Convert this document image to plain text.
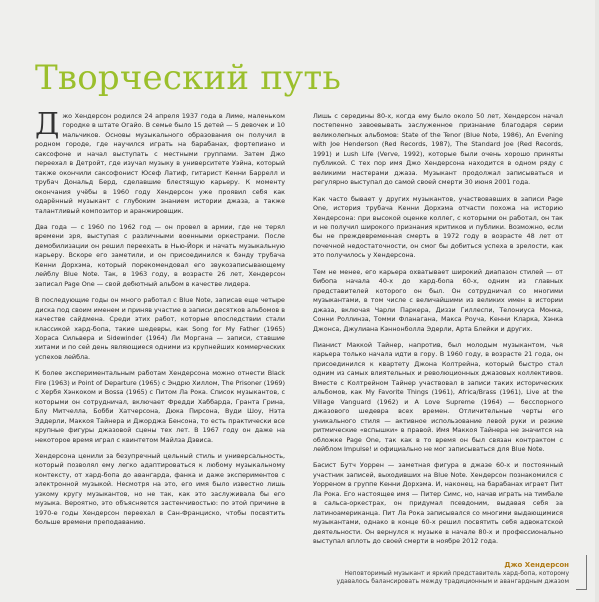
Творческий путь

Джо Хендерсон родился 24 апреля 1937 года в Лиме, маленьком городке в штате Огайо. В семье было 15 детей — 5 девочек и 10 мальчиков. Основы музыкального образования он получил в родном городе, где научился играть на барабанах, фортепиано и саксофоне и начал выступать с местными группами. Затем Джо переехал в Детройт, где изучал музыку в университете Уэйна, который также окончили саксофонист Юсеф Латиф, гитарист Кенни Баррелл и трубач Дональд Берд, сделавшие блестящую карьеру. К моменту окончания учёбы в 1960 году Хендерсон уже проявил себя как одарённый музыкант с глубоким знанием истории джаза, а также талантливый композитор и аранжировщик.

Два года — с 1960 по 1962 год — он провел в армии, где не терял времени зря, выступая с различными военными оркестрами. После демобилизации он решил переехать в Нью-Йорк и начать музыкальную карьеру. Вскоре его заметили, и он присоединился к бэнду трубача Кенни Дорхэма, который порекомендовал его звукозаписывающему лейблу Blue Note. Так, в 1963 году, в возрасте 26 лет, Хендерсон записал Page One — свой дебютный альбом в качестве лидера.

В последующие годы он много работал с Blue Note, записав еще четыре диска под своим именем и приняв участие в записи десятков альбомов в качестве сайдмена. Среди этих работ, которые впоследствии стали классикой хард-бопа, такие шедевры, как Song for My Father (1965) Хораса Сильвера и Sidewinder (1964) Ли Моргана — записи, ставшие хитами и по сей день являющиеся одними из крупнейших коммерческих успехов лейбла.

К более экспериментальным работам Хендерсона можно отнести Black Fire (1963) и Point of Departure (1965) с Эндрю Хиллом, The Prisoner (1969) с Хербя Хэнкоком и Bossa (1965) с Питом Ла Рока. Список музыкантов, с которыми он сотрудничал, включает Фредди Хаббарда, Гранта Грина, Блу Митчелла, Бобби Хатчерсона, Дюка Пирсона, Вуди Шоу, Нэта Эддерли, Маккоя Тайнера и Джорджа Бенсона, то есть практически все крупные фигуры джазовой сцены тех лет. В 1967 году он даже на некоторое время играл с квинтетом Майлза Дэвиса.

Хендерсона ценили за безупречный цельный стиль и универсальность, который позволял ему легко адаптироваться к любому музыкальному контексту, от хард-бопа до авангарда, фанка и даже экспериментов с электронной музыкой. Несмотря на это, его имя было известно лишь узкому кругу музыкантов, но не так, как это заслуживала бы его музыка. Вероятно, это объясняется застенчивостью: по этой причине в 1970-е годы Хендерсон переехал в Сан-Франциско, чтобы посвятить больше времени преподаванию.

Лишь с середины 80-х, когда ему было около 50 лет, Хендерсон начал постепенно завоевывать заслуженное признание благодаря серии великолепных альбомов: State of the Tenor (Blue Note, 1986), An Evening with Joe Henderson (Red Records, 1987), The Standard Joe (Red Records, 1991) и Lush Life (Verve, 1992), которые были очень хорошо приняты публикой. С тех пор имя Джо Хендерсона находится в одном ряду с великими мастерами джаза. Музыкант продолжал записываться и регулярно выступал до самой своей смерти 30 июня 2001 года.

Как часто бывает у других музыкантов, участвовавших в записи Page One, история трубача Кенни Дорхэма отчасти похожа на историю Хендерсона: при высокой оценке коллег, с которыми он работал, он так и не получил широкого признания критиков и публики. Возможно, если бы не преждевременная смерть в 1972 году в возрасте 48 лет от почечной недостаточности, он смог бы добиться успеха в зрелости, как это получилось у Хендерсона.

Тем не менее, его карьера охватывает широкий диапазон стилей — от бибопа начала 40-х до хард-бопа 60-х, одним из главных представителей которого он был. Он сотрудничал со многими музыкантами, в том числе с величайшими из великих имен в истории джаза, включая Чарли Паркера, Диззи Гиллеспи, Телониуса Монка, Сонни Роллинза, Томми Фланагана, Макса Роуча, Кенни Кларка, Хэнка Джонса, Джулиана Кэннонболла Эдерли, Арта Блейки и других.

Пианист Маккой Тайнер, напротив, был молодым музыкантом, чья карьера только начала идти в гору. В 1960 году, в возрасте 21 года, он присоединился к квартету Джона Колтрейна, который быстро стал одним из самых влиятельных и революционных джазовых коллективов. Вместе с Колтрейном Тайнер участвовал в записи таких исторических альбомов, как My Favorite Things (1961), Africa/Brass (1961), Live at the Village Vanguard (1962) и A Love Supreme (1964) — бесспорного джазового шедевра всех времен. Отличительные черты его уникального стиля — активное использование левой руки и резкие ритмические «вспышки» в правой. Имя Маккоя Тайнера не значится на обложке Page One, так как в то время он был связан контрактом с лейблом Impulse! и официально не мог записываться для Blue Note.

Басист Бутч Уоррен — заметная фигура в джазе 60-х и постоянный участник записей, выходивших на Blue Note. Хендерсон познакомился с Уорреном в группе Кенни Дорхэма. И, наконец, на барабанах играет Пит Ла Рока. Его настоящее имя — Питер Симс, но, начав играть на тимбале в сальса-оркестрах, он придумал псевдоним, выдавая себя за латиноамериканца. Пит Ла Рока записывался со многими выдающимися музыкантами, однако в конце 60-х решил посвятить себя адвокатской деятельности. Он вернулся к музыке в начале 80-х и профессионально выступал вплоть до своей смерти в ноябре 2012 года.

Джо Хендерсон
Неповторимый музыкант и яркий представитель хард-бопа, которому удавалось балансировать между традиционным и авангардным джазом
